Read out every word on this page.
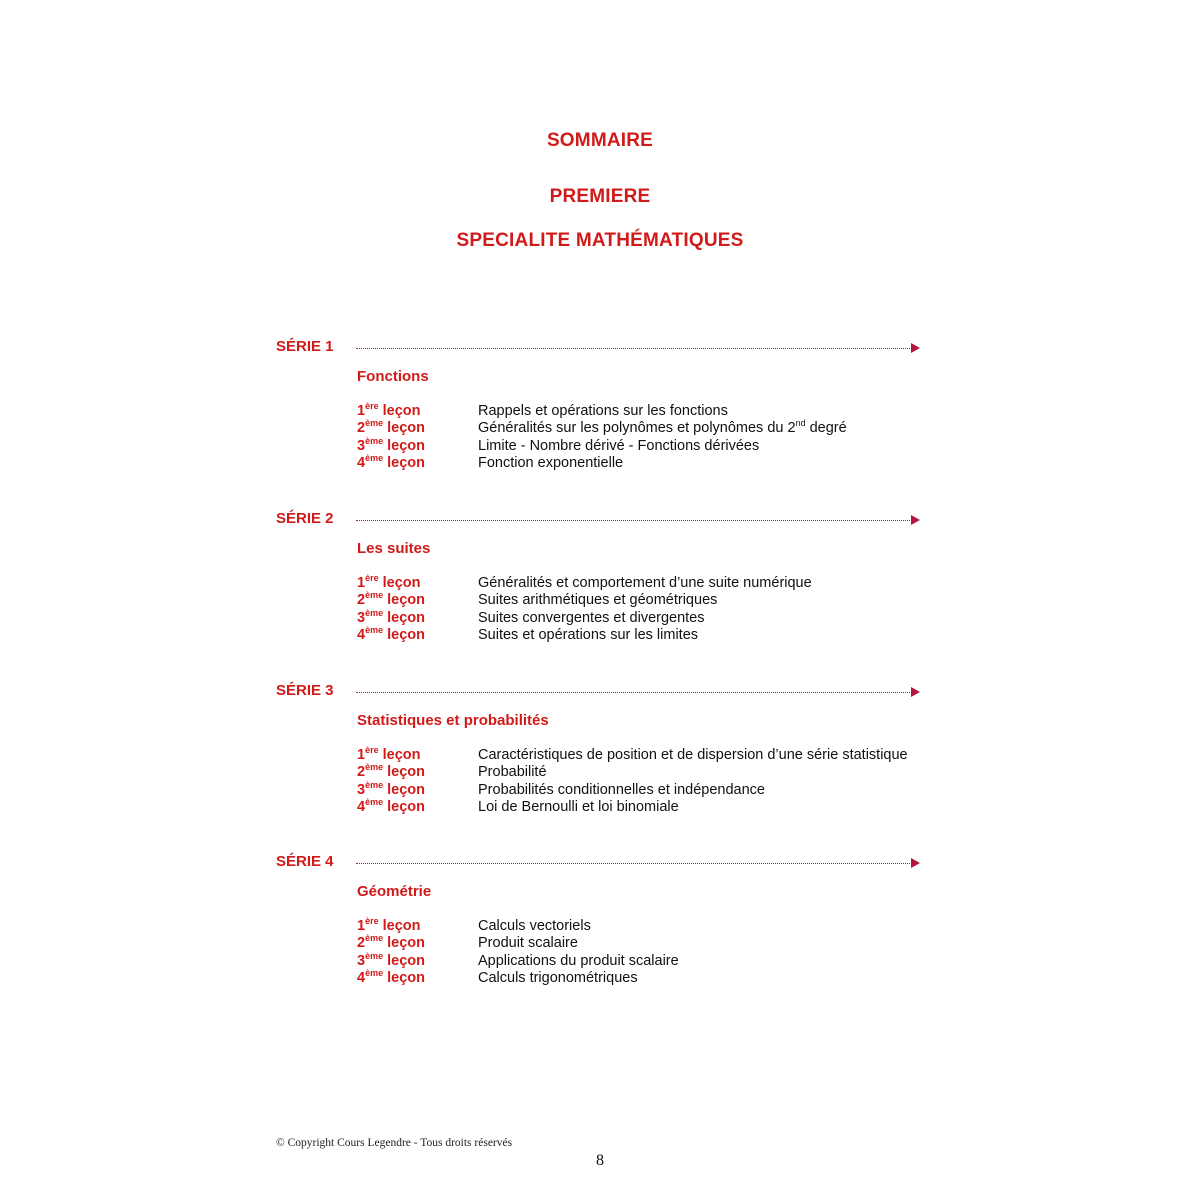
SOMMAIRE
PREMIERE
SPECIALITE MATHÉMATIQUES
SÉRIE 1
Fonctions
1ère leçon	Rappels et opérations sur les fonctions
2ème leçon	Généralités sur les polynômes et polynômes du 2nd degré
3ème leçon	Limite - Nombre dérivé - Fonctions dérivées
4ème leçon	Fonction exponentielle
SÉRIE 2
Les suites
1ère leçon	Généralités et comportement d’une suite numérique
2ème leçon	Suites arithmétiques et géométriques
3ème leçon	Suites convergentes et divergentes
4ème leçon	Suites et opérations sur les limites
SÉRIE 3
Statistiques et probabilités
1ère leçon	Caractéristiques de position et de dispersion d’une série statistique
2ème leçon	Probabilité
3ème leçon	Probabilités conditionnelles et indépendance
4ème leçon	Loi de Bernoulli et loi binomiale
SÉRIE 4
Géométrie
1ère leçon	Calculs vectoriels
2ème leçon	Produit scalaire
3ème leçon	Applications du produit scalaire
4ème leçon	Calculs trigonométriques
© Copyright Cours Legendre - Tous droits réservés
8
